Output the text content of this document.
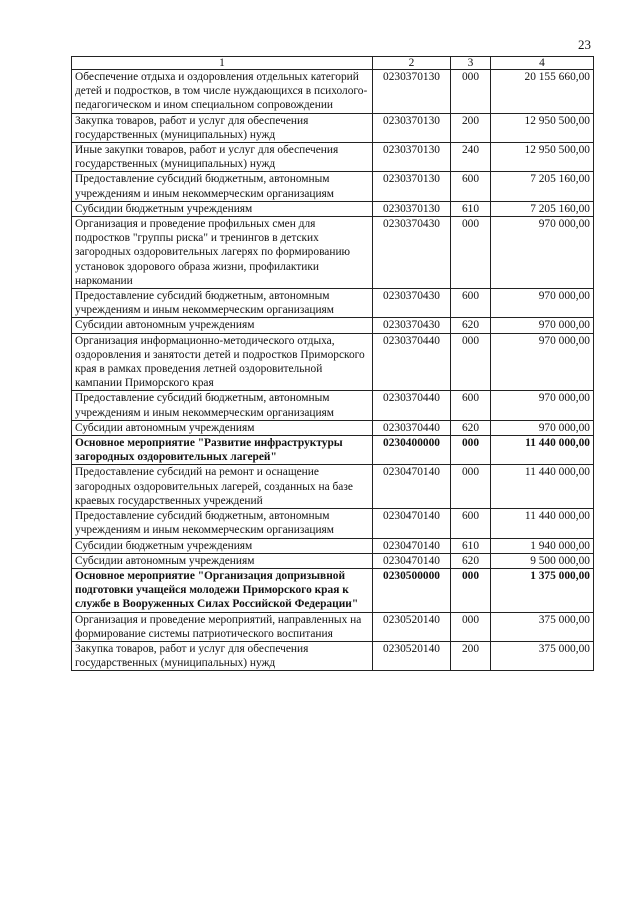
23
1	2	3	4
Обеспечение отдыха и оздоровления отдельных категорий детей и подростков, в том числе нуждающихся в психолого-педагогическом и ином специальном сопровождении	0230370130	000	20 155 660,00
Закупка товаров, работ и услуг для обеспечения государственных (муниципальных) нужд	0230370130	200	12 950 500,00
Иные закупки товаров, работ и услуг для обеспечения государственных (муниципальных) нужд	0230370130	240	12 950 500,00
Предоставление субсидий бюджетным, автономным учреждениям и иным некоммерческим организациям	0230370130	600	7 205 160,00
Субсидии бюджетным учреждениям	0230370130	610	7 205 160,00
Организация и проведение профильных смен для подростков "группы риска" и тренингов в детских загородных оздоровительных лагерях по формированию установок здорового образа жизни, профилактики наркомании	0230370430	000	970 000,00
Предоставление субсидий бюджетным, автономным учреждениям и иным некоммерческим организациям	0230370430	600	970 000,00
Субсидии автономным учреждениям	0230370430	620	970 000,00
Организация информационно-методического отдыха, оздоровления и занятости детей и подростков Приморского края в рамках проведения летней оздоровительной кампании Приморского края	0230370440	000	970 000,00
Предоставление субсидий бюджетным, автономным учреждениям и иным некоммерческим организациям	0230370440	600	970 000,00
Субсидии автономным учреждениям	0230370440	620	970 000,00
Основное мероприятие "Развитие инфраструктуры загородных оздоровительных лагерей"	0230400000	000	11 440 000,00
Предоставление субсидий на ремонт и оснащение загородных оздоровительных лагерей, созданных на базе краевых государственных учреждений	0230470140	000	11 440 000,00
Предоставление субсидий бюджетным, автономным учреждениям и иным некоммерческим организациям	0230470140	600	11 440 000,00
Субсидии бюджетным учреждениям	0230470140	610	1 940 000,00
Субсидии автономным учреждениям	0230470140	620	9 500 000,00
Основное мероприятие "Организация допризывной подготовки учащейся молодежи Приморского края к службе в Вооруженных Силах Российской Федерации"	0230500000	000	1 375 000,00
Организация и проведение мероприятий, направленных на формирование системы патриотического воспитания	0230520140	000	375 000,00
Закупка товаров, работ и услуг для обеспечения государственных (муниципальных) нужд	0230520140	200	375 000,00
